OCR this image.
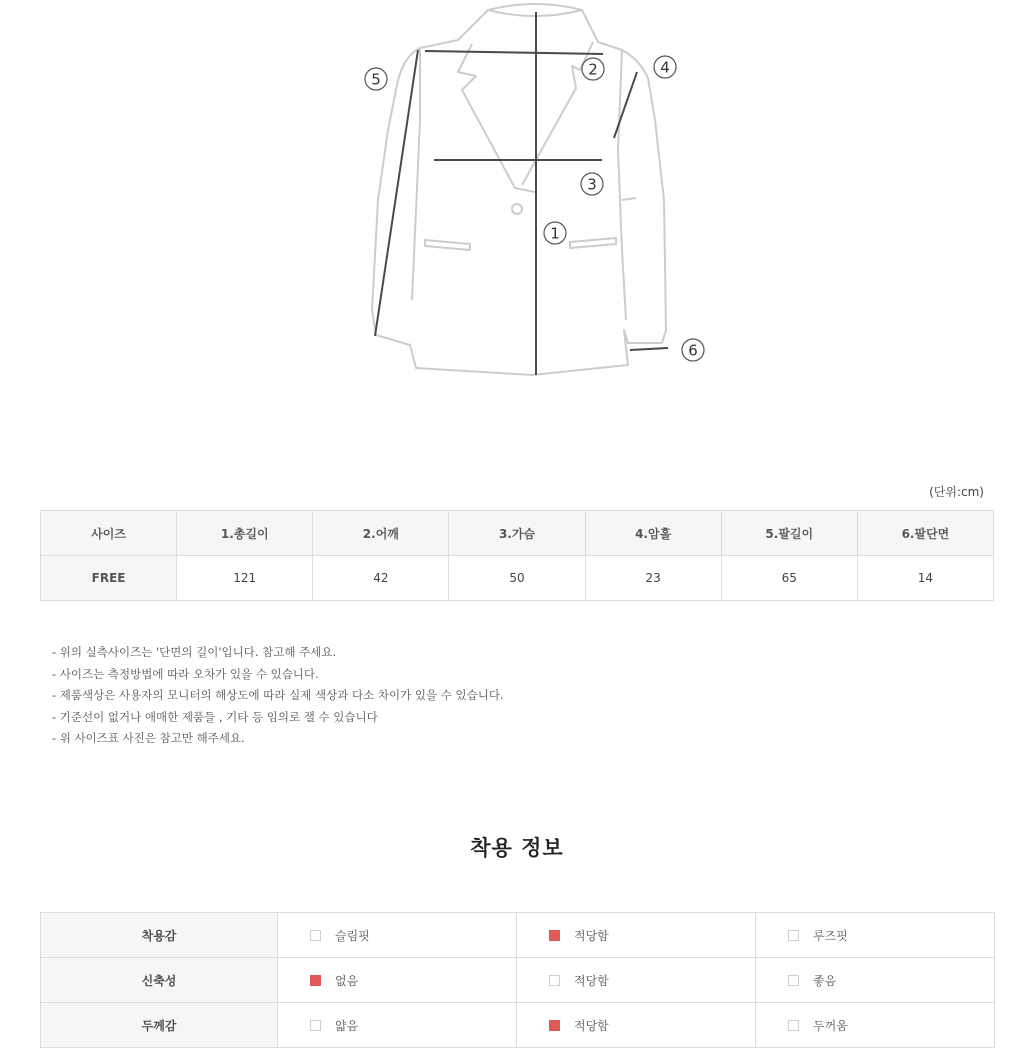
1
2
3
4
5
6
(단위:cm)
사이즈	1.총길이	2.어깨	3.가슴	4.암홀	5.팔길이	6.팔단면
FREE	121	42	50	23	65	14
- 위의 실측사이즈는 '단면의 길이'입니다. 참고해 주세요.
- 사이즈는 측정방법에 따라 오차가 있을 수 있습니다.
- 제품색상은 사용자의 모니터의 해상도에 따라 실제 색상과 다소 차이가 있을 수 있습니다.
- 기준선이 없거나 애매한 제품들 , 기타 등 임의로 잴 수 있습니다
- 위 사이즈표 사진은 참고만 해주세요.
착용 정보
착용감	슬림핏	적당함	루즈핏
신축성	없음	적당함	좋음
두께감	얇음	적당함	두꺼움
